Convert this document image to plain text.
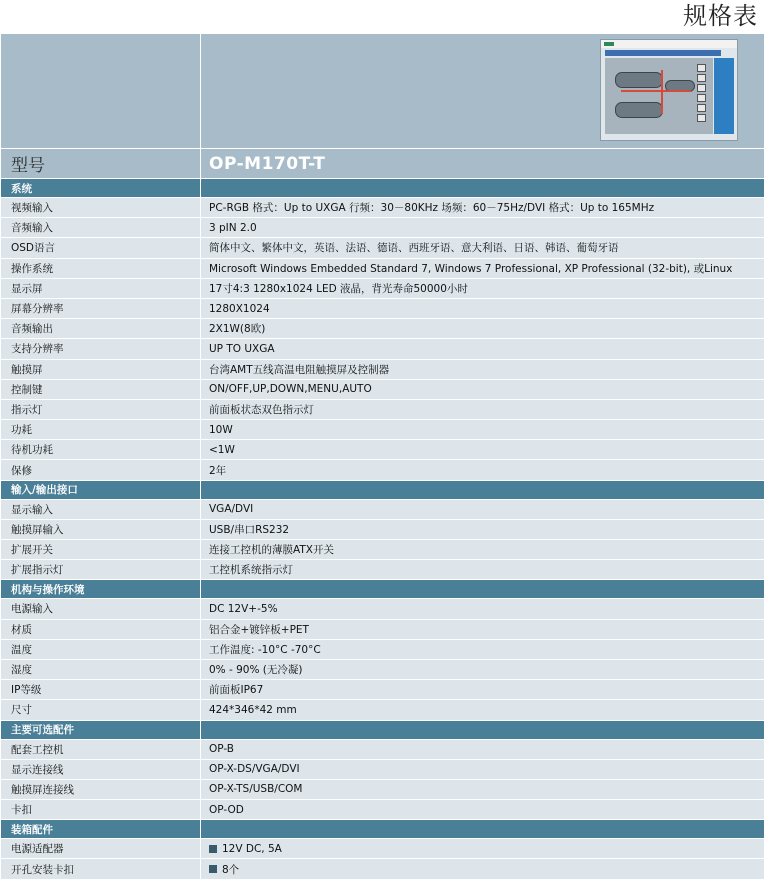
规格表
型号	OP-M170T-T
系统
视频输入	PC-RGB 格式：Up to UXGA 行频：30－80KHz 场频：60－75Hz/DVI 格式：Up to 165MHz
音频输入	3 pIN 2.0
OSD语言	简体中文、繁体中文，英语、法语、德语、西班牙语、意大利语、日语、韩语、葡萄牙语
操作系统	Microsoft Windows Embedded Standard 7, Windows 7 Professional, XP Professional (32-bit), 或Linux
显示屏	17寸4:3 1280x1024 LED 液晶，背光寿命50000小时
屏幕分辨率	1280X1024
音频输出	2X1W(8欧)
支持分辨率	UP TO UXGA
触摸屏	台湾AMT五线高温电阻触摸屏及控制器
控制键	ON/OFF,UP,DOWN,MENU,AUTO
指示灯	前面板状态双色指示灯
功耗	10W
待机功耗	<1W
保修	2年
输入/输出接口
显示输入	VGA/DVI
触摸屏输入	USB/串口RS232
扩展开关	连接工控机的薄膜ATX开关
扩展指示灯	工控机系统指示灯
机构与操作环境
电源输入	DC 12V+-5%
材质	铝合金+镀锌板+PET
温度	工作温度: -10°C -70°C
湿度	0% - 90% (无冷凝)
IP等级	前面板IP67
尺寸	424*346*42 mm
主要可选配件
配套工控机	OP-B
显示连接线	OP-X-DS/VGA/DVI
触摸屏连接线	OP-X-TS/USB/COM
卡扣	OP-OD
装箱配件
电源适配器	12V DC, 5A
开孔安装卡扣	8个
